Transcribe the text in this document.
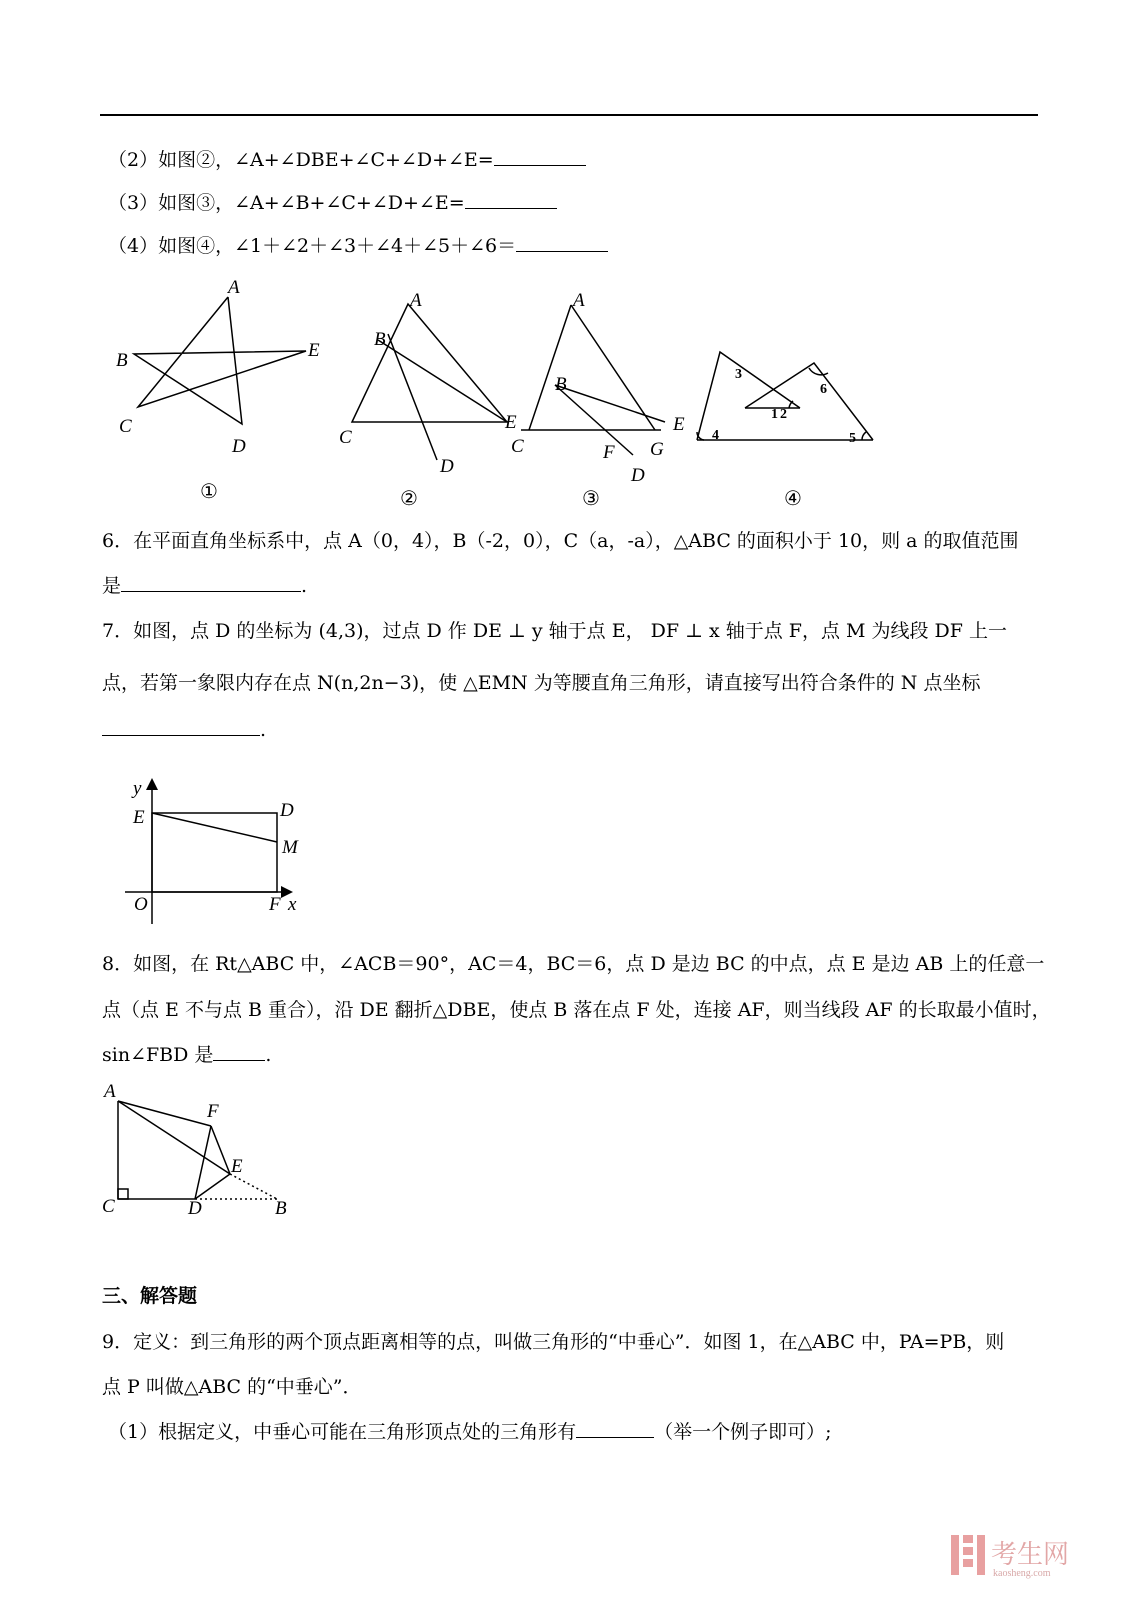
（2）如图②，∠A+∠DBE+∠C+∠D+∠E=
（3）如图③，∠A+∠B+∠C+∠D+∠E=
（4）如图④，∠1＋∠2＋∠3＋∠4＋∠5＋∠6＝
A
B
C
D
E
①
A
B
C
D
E
②
A
B
C
D
E
F G
③
1 2
3
4	5
6
④
6．在平面直角坐标系中，点 A（0，4），B（-2，0），C（a，-a），△ABC 的面积小于 10，则 a 的取值范围
是	.
7．如图，点 D 的坐标为 (4,3)，过点 D 作 DE ⊥ y 轴于点 E， DF ⊥ x 轴于点 F，点 M 为线段 DF 上一
点，若第一象限内存在点 N(n,2n−3)，使 △EMN 为等腰直角三角形，请直接写出符合条件的 N 点坐标
.
y
E	D
M
O	F x
8．如图，在 Rt△ABC 中，∠ACB＝90°，AC＝4，BC＝6，点 D 是边 BC 的中点，点 E 是边 AB 上的任意一
点（点 E 不与点 B 重合），沿 DE 翻折△DBE，使点 B 落在点 F 处，连接 AF，则当线段 AF 的长取最小值时，
sin∠FBD 是	.
A
F
E
C	D	B
三、解答题
9．定义：到三角形的两个顶点距离相等的点，叫做三角形的“中垂心”．如图 1，在△ABC 中，PA=PB，则
点 P 叫做△ABC 的“中垂心”．
（1）根据定义，中垂心可能在三角形顶点处的三角形有	（举一个例子即可）;
考生网
kaosheng.com
